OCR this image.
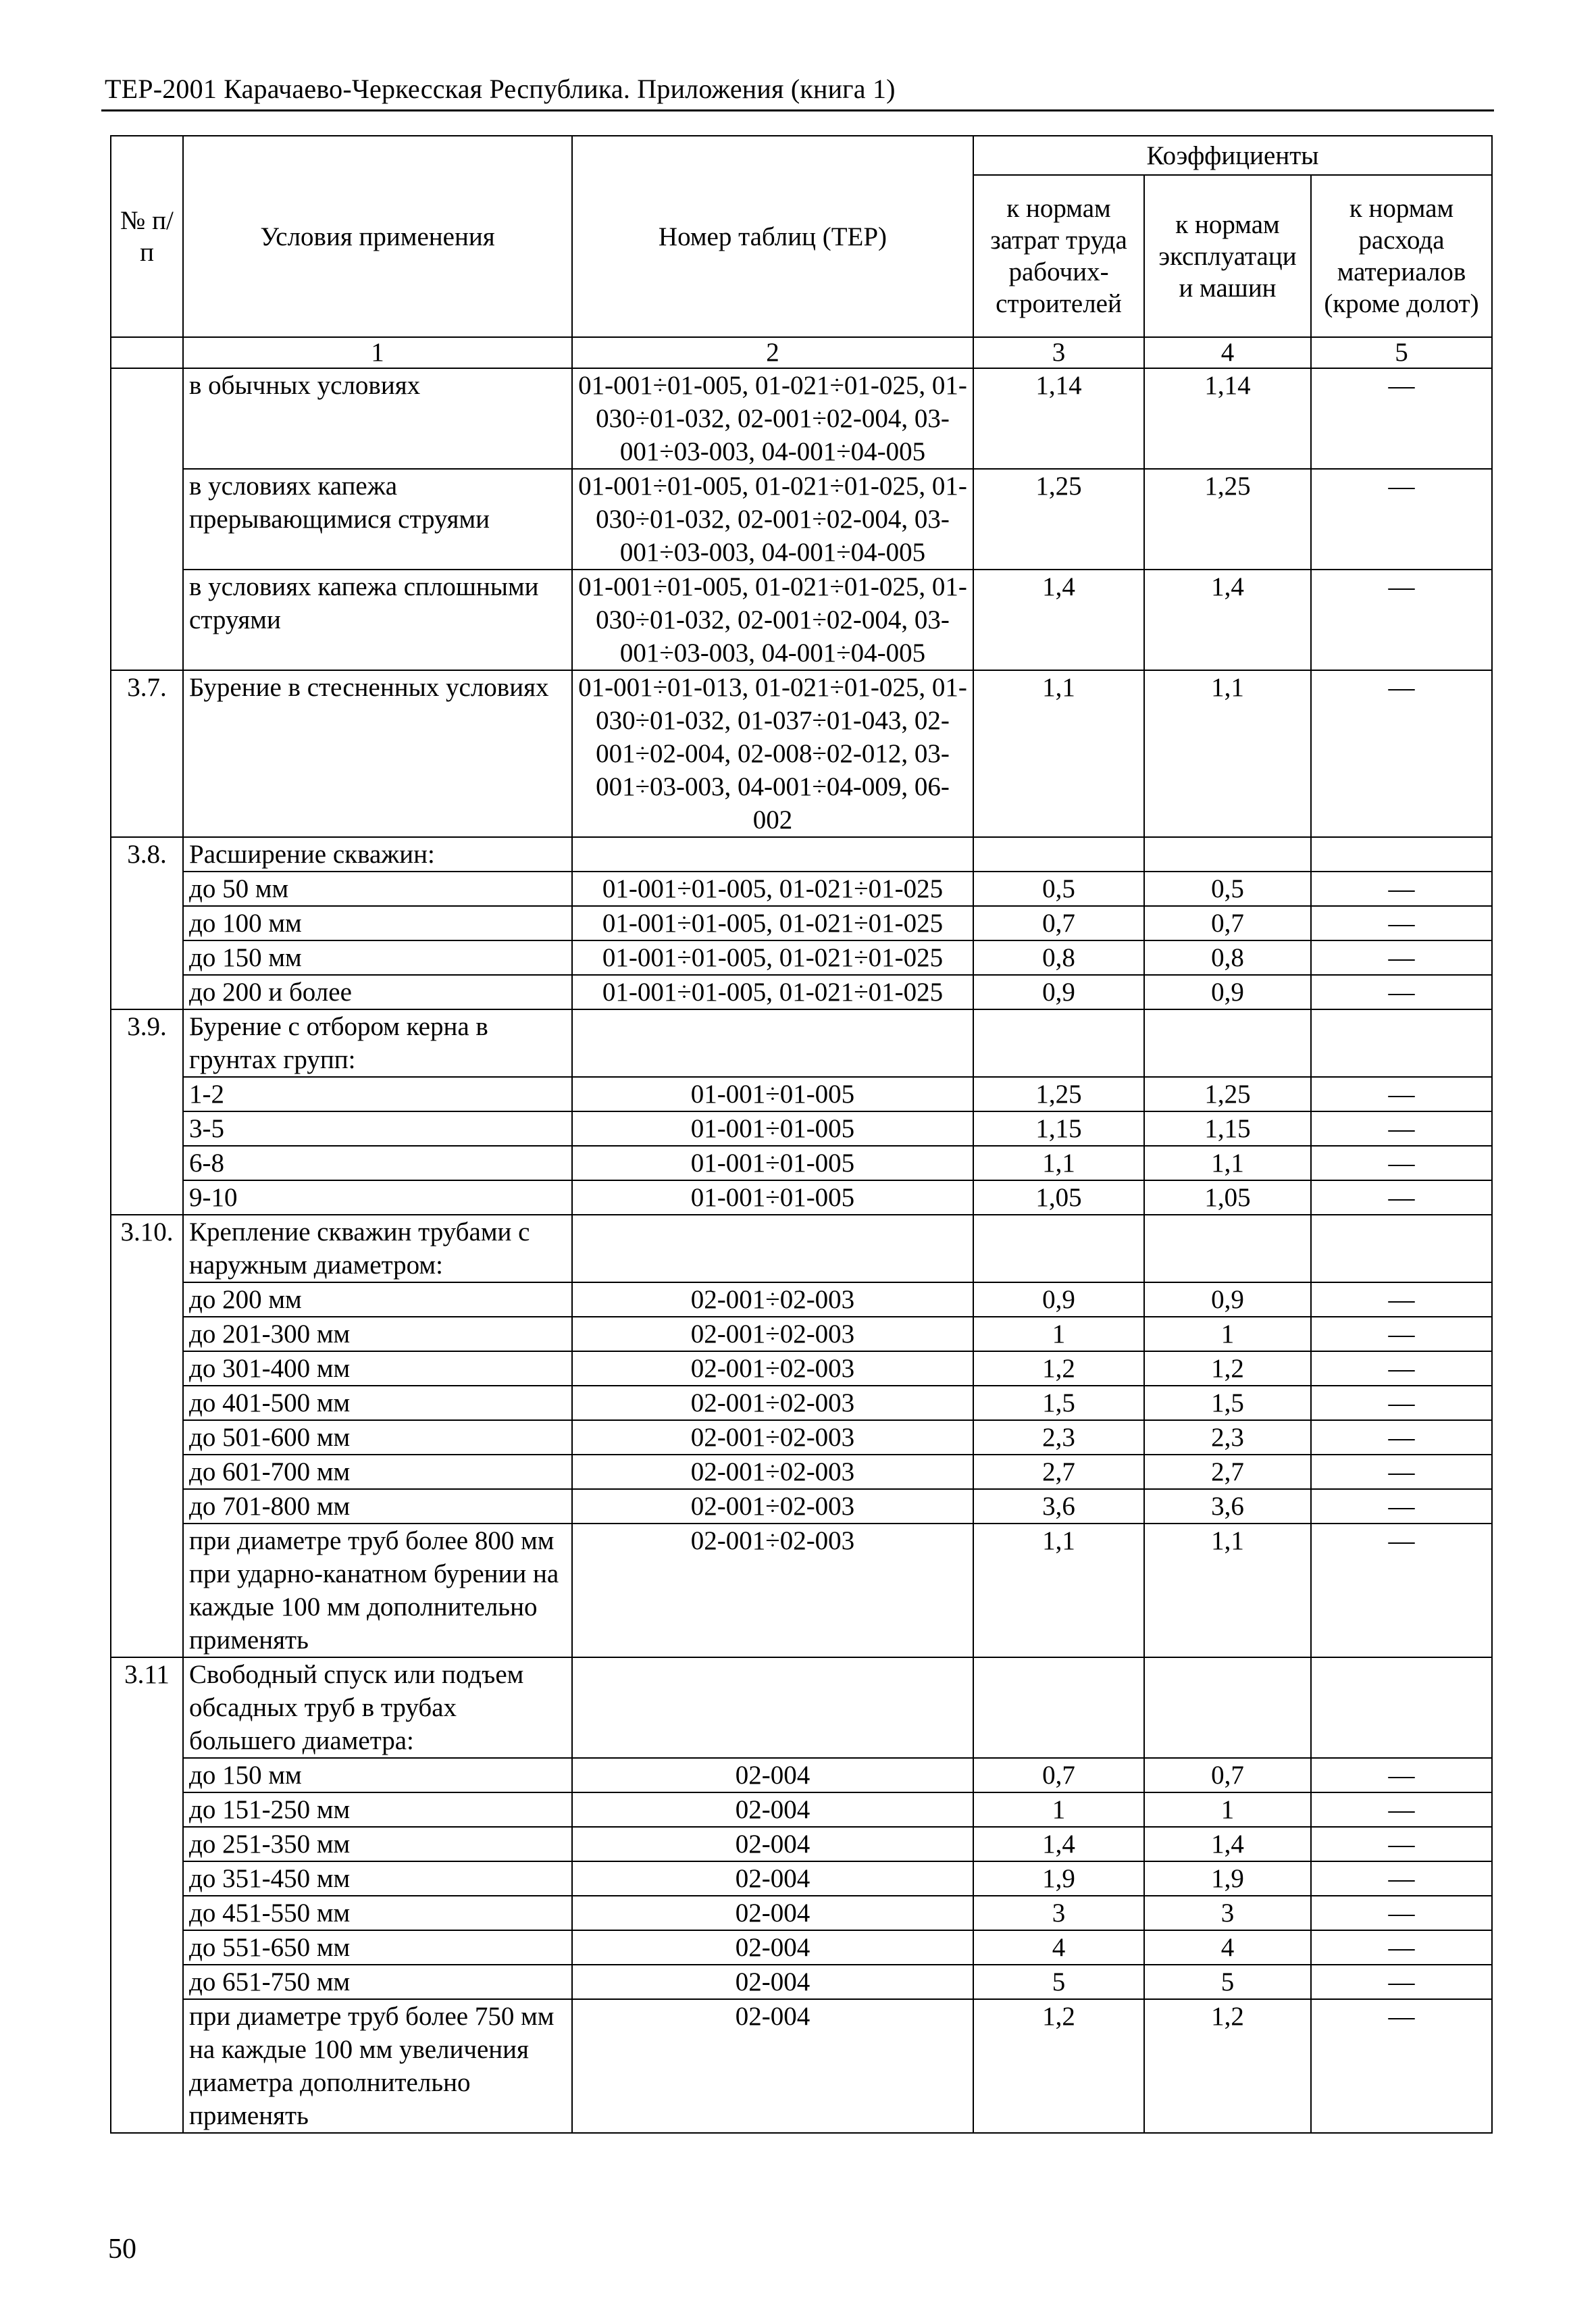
ТЕР-2001 Карачаево-Черкесская Республика. Приложения (книга 1)
№ п/п	Условия применения	Номер таблиц (ТЕР)	Коэффициенты		
			к нормам затрат труда рабочих-строителей	к нормам эксплуатаци и машин	к нормам расхода материалов (кроме долот)
	1	2	3	4	5
	в обычных условиях	01-001÷01-005, 01-021÷01-025, 01-030÷01-032, 02-001÷02-004, 03-001÷03-003, 04-001÷04-005	1,14	1,14	—
	в условиях капежа прерывающимися струями	01-001÷01-005, 01-021÷01-025, 01-030÷01-032, 02-001÷02-004, 03-001÷03-003, 04-001÷04-005	1,25	1,25	—
	в условиях капежа сплошными струями	01-001÷01-005, 01-021÷01-025, 01-030÷01-032, 02-001÷02-004, 03-001÷03-003, 04-001÷04-005	1,4	1,4	—
3.7.	Бурение в стесненных условиях	01-001÷01-013, 01-021÷01-025, 01-030÷01-032, 01-037÷01-043, 02-001÷02-004, 02-008÷02-012, 03-001÷03-003, 04-001÷04-009, 06-002	1,1	1,1	—
3.8.	Расширение скважин:				
	до 50 мм	01-001÷01-005, 01-021÷01-025	0,5	0,5	—
	до 100 мм	01-001÷01-005, 01-021÷01-025	0,7	0,7	—
	до 150 мм	01-001÷01-005, 01-021÷01-025	0,8	0,8	—
	до 200 и более	01-001÷01-005, 01-021÷01-025	0,9	0,9	—
3.9.	Бурение с отбором керна в грунтах групп:				
	1-2	01-001÷01-005	1,25	1,25	—
	3-5	01-001÷01-005	1,15	1,15	—
	6-8	01-001÷01-005	1,1	1,1	—
	9-10	01-001÷01-005	1,05	1,05	—
3.10.	Крепление скважин трубами с наружным диаметром:				
	до 200 мм	02-001÷02-003	0,9	0,9	—
	до 201-300 мм	02-001÷02-003	1	1	—
	до 301-400 мм	02-001÷02-003	1,2	1,2	—
	до 401-500 мм	02-001÷02-003	1,5	1,5	—
	до 501-600 мм	02-001÷02-003	2,3	2,3	—
	до 601-700 мм	02-001÷02-003	2,7	2,7	—
	до 701-800 мм	02-001÷02-003	3,6	3,6	—
	при диаметре труб более 800 мм при ударно-канатном бурении на каждые 100 мм дополнительно применять	02-001÷02-003	1,1	1,1	—
3.11	Свободный спуск или подъем обсадных труб в трубах большего диаметра:				
	до 150 мм	02-004	0,7	0,7	—
	до 151-250 мм	02-004	1	1	—
	до 251-350 мм	02-004	1,4	1,4	—
	до 351-450 мм	02-004	1,9	1,9	—
	до 451-550 мм	02-004	3	3	—
	до 551-650 мм	02-004	4	4	—
	до 651-750 мм	02-004	5	5	—
	при диаметре труб более 750 мм на каждые 100 мм увеличения диаметра дополнительно применять	02-004	1,2	1,2	—
50
